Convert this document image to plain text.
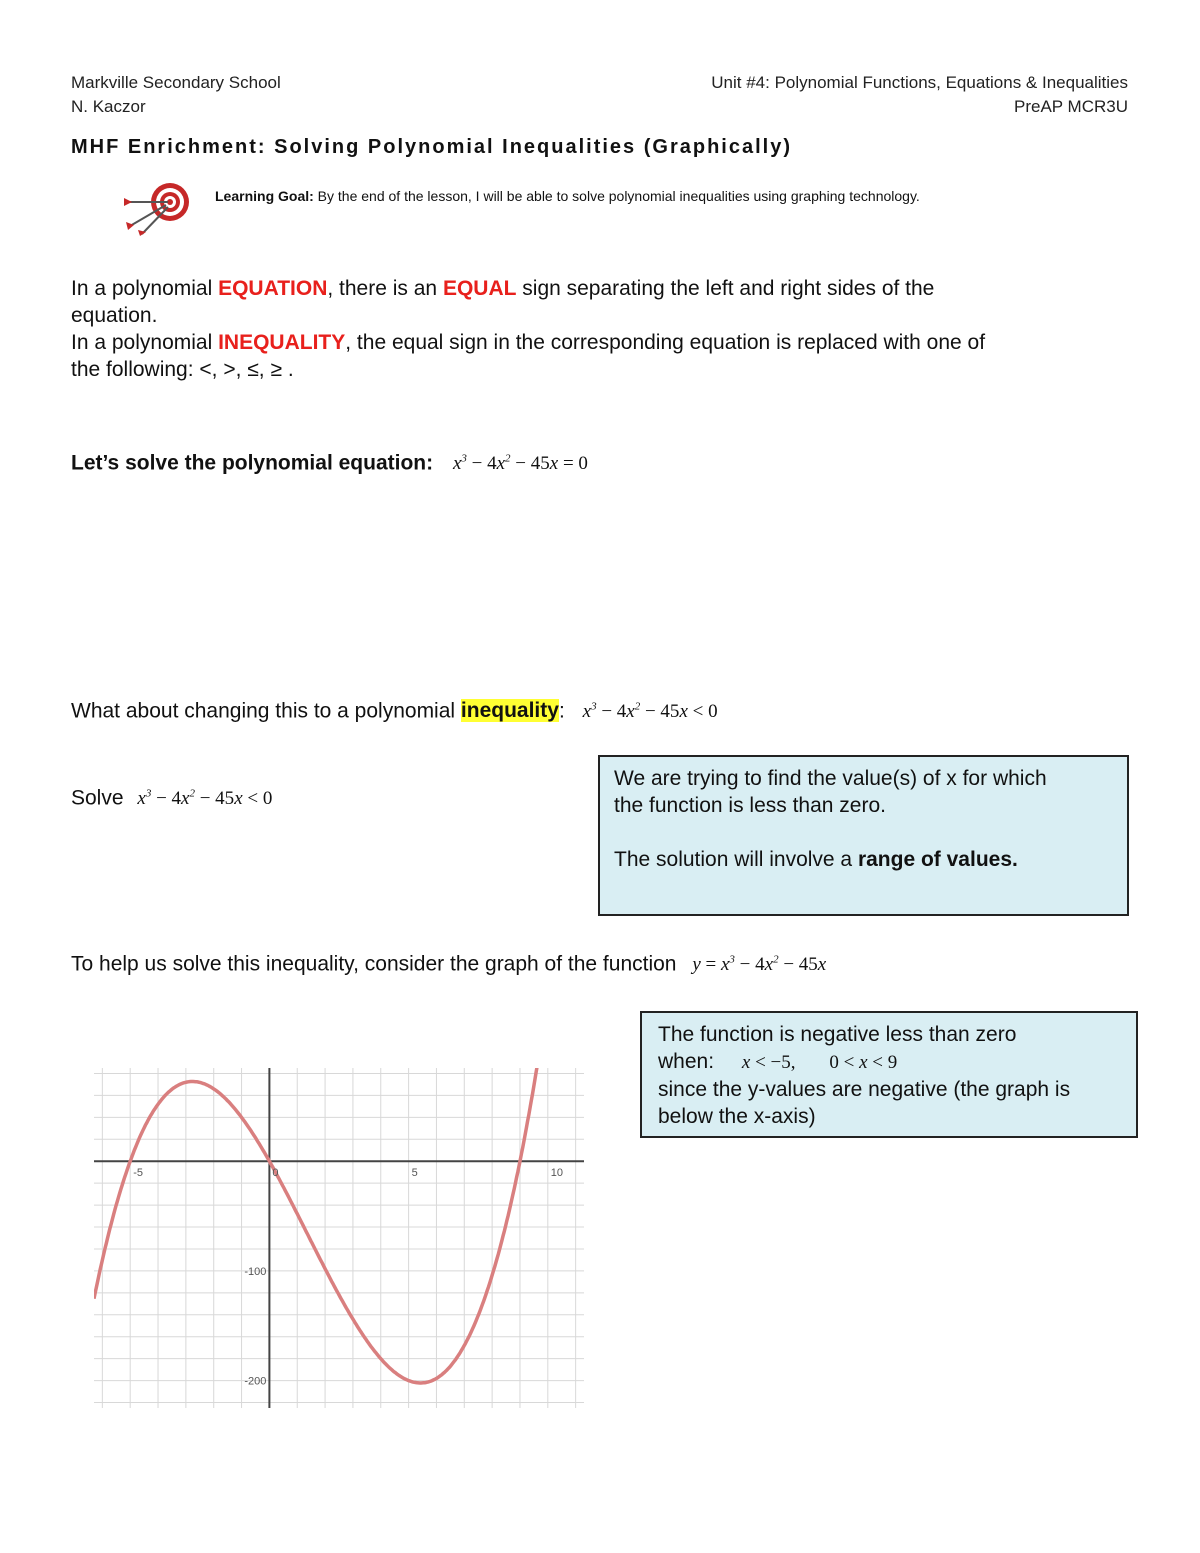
Markville Secondary School
N. Kaczor
Unit #4: Polynomial Functions, Equations & Inequalities
PreAP MCR3U
MHF Enrichment: Solving Polynomial Inequalities (Graphically)
Learning Goal: By the end of the lesson, I will be able to solve polynomial inequalities using graphing technology.
In a polynomial EQUATION, there is an EQUAL sign separating the left and right sides of the
equation.
In a polynomial INEQUALITY, the equal sign in the corresponding equation is replaced with one of
the following: <, >, ≤, ≥ .
Let’s solve the polynomial equation: $x^3 - 4x^2 - 45x = 0$
What about changing this to a polynomial inequality: $x^3 - 4x^2 - 45x < 0$
Solve $x^3 - 4x^2 - 45x < 0$
We are trying to find the value(s) of x for which
the function is less than zero.
The solution will involve a range of values.
To help us solve this inequality, consider the graph of the function $y = x^3 - 4x^2 - 45x$
The function is negative less than zero
when: x < −5, 0 < x < 9
since the y-values are negative (the graph is
below the x-axis)
-5	0	5	10
-100
-200
